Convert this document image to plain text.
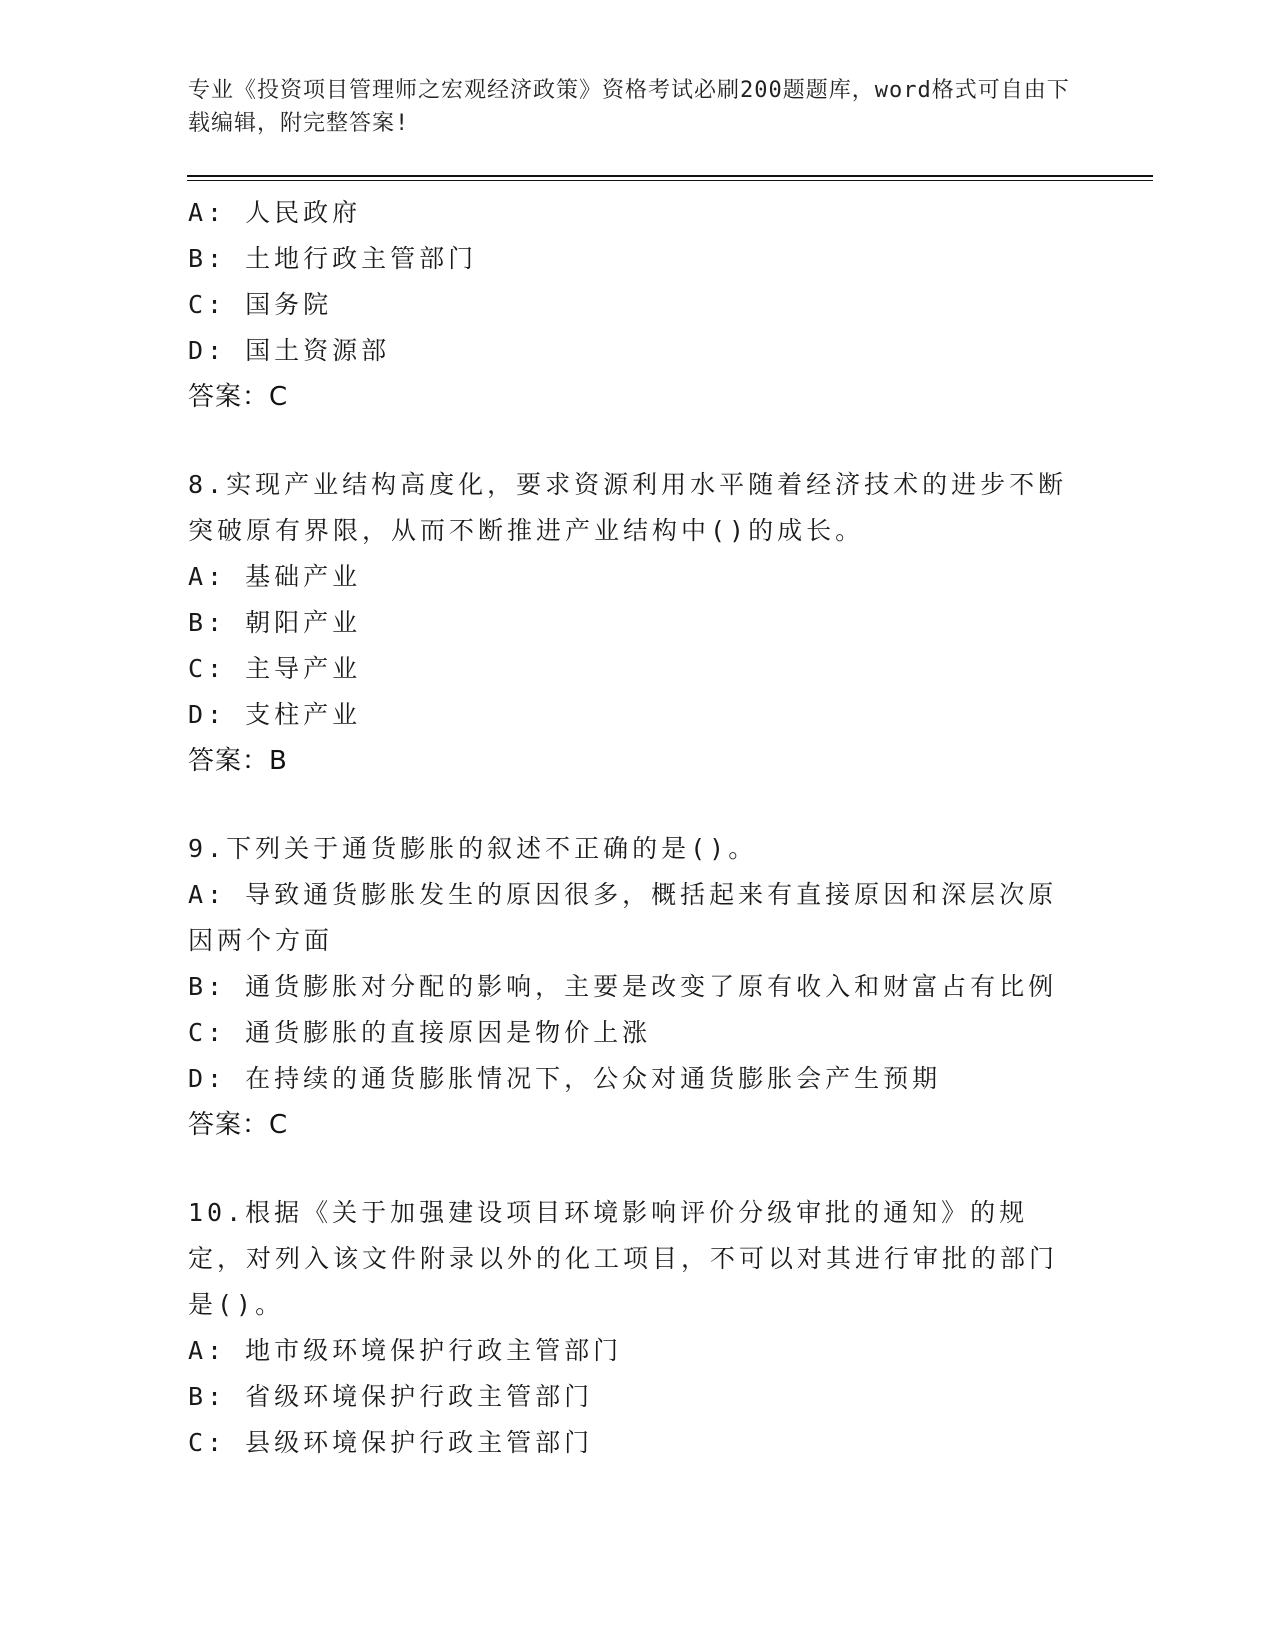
专业《投资项目管理师之宏观经济政策》资格考试必刷200题题库，word格式可自由下载编辑，附完整答案!
A: 人民政府
B: 土地行政主管部门
C: 国务院
D: 国土资源部
答案：C
8.实现产业结构高度化，要求资源利用水平随着经济技术的进步不断突破原有界限，从而不断推进产业结构中()的成长。
A: 基础产业
B: 朝阳产业
C: 主导产业
D: 支柱产业
答案：B
9.下列关于通货膨胀的叙述不正确的是()。
A: 导致通货膨胀发生的原因很多，概括起来有直接原因和深层次原因两个方面
B: 通货膨胀对分配的影响，主要是改变了原有收入和财富占有比例
C: 通货膨胀的直接原因是物价上涨
D: 在持续的通货膨胀情况下，公众对通货膨胀会产生预期
答案：C
10.根据《关于加强建设项目环境影响评价分级审批的通知》的规定，对列入该文件附录以外的化工项目，不可以对其进行审批的部门是()。
A: 地市级环境保护行政主管部门
B: 省级环境保护行政主管部门
C: 县级环境保护行政主管部门
